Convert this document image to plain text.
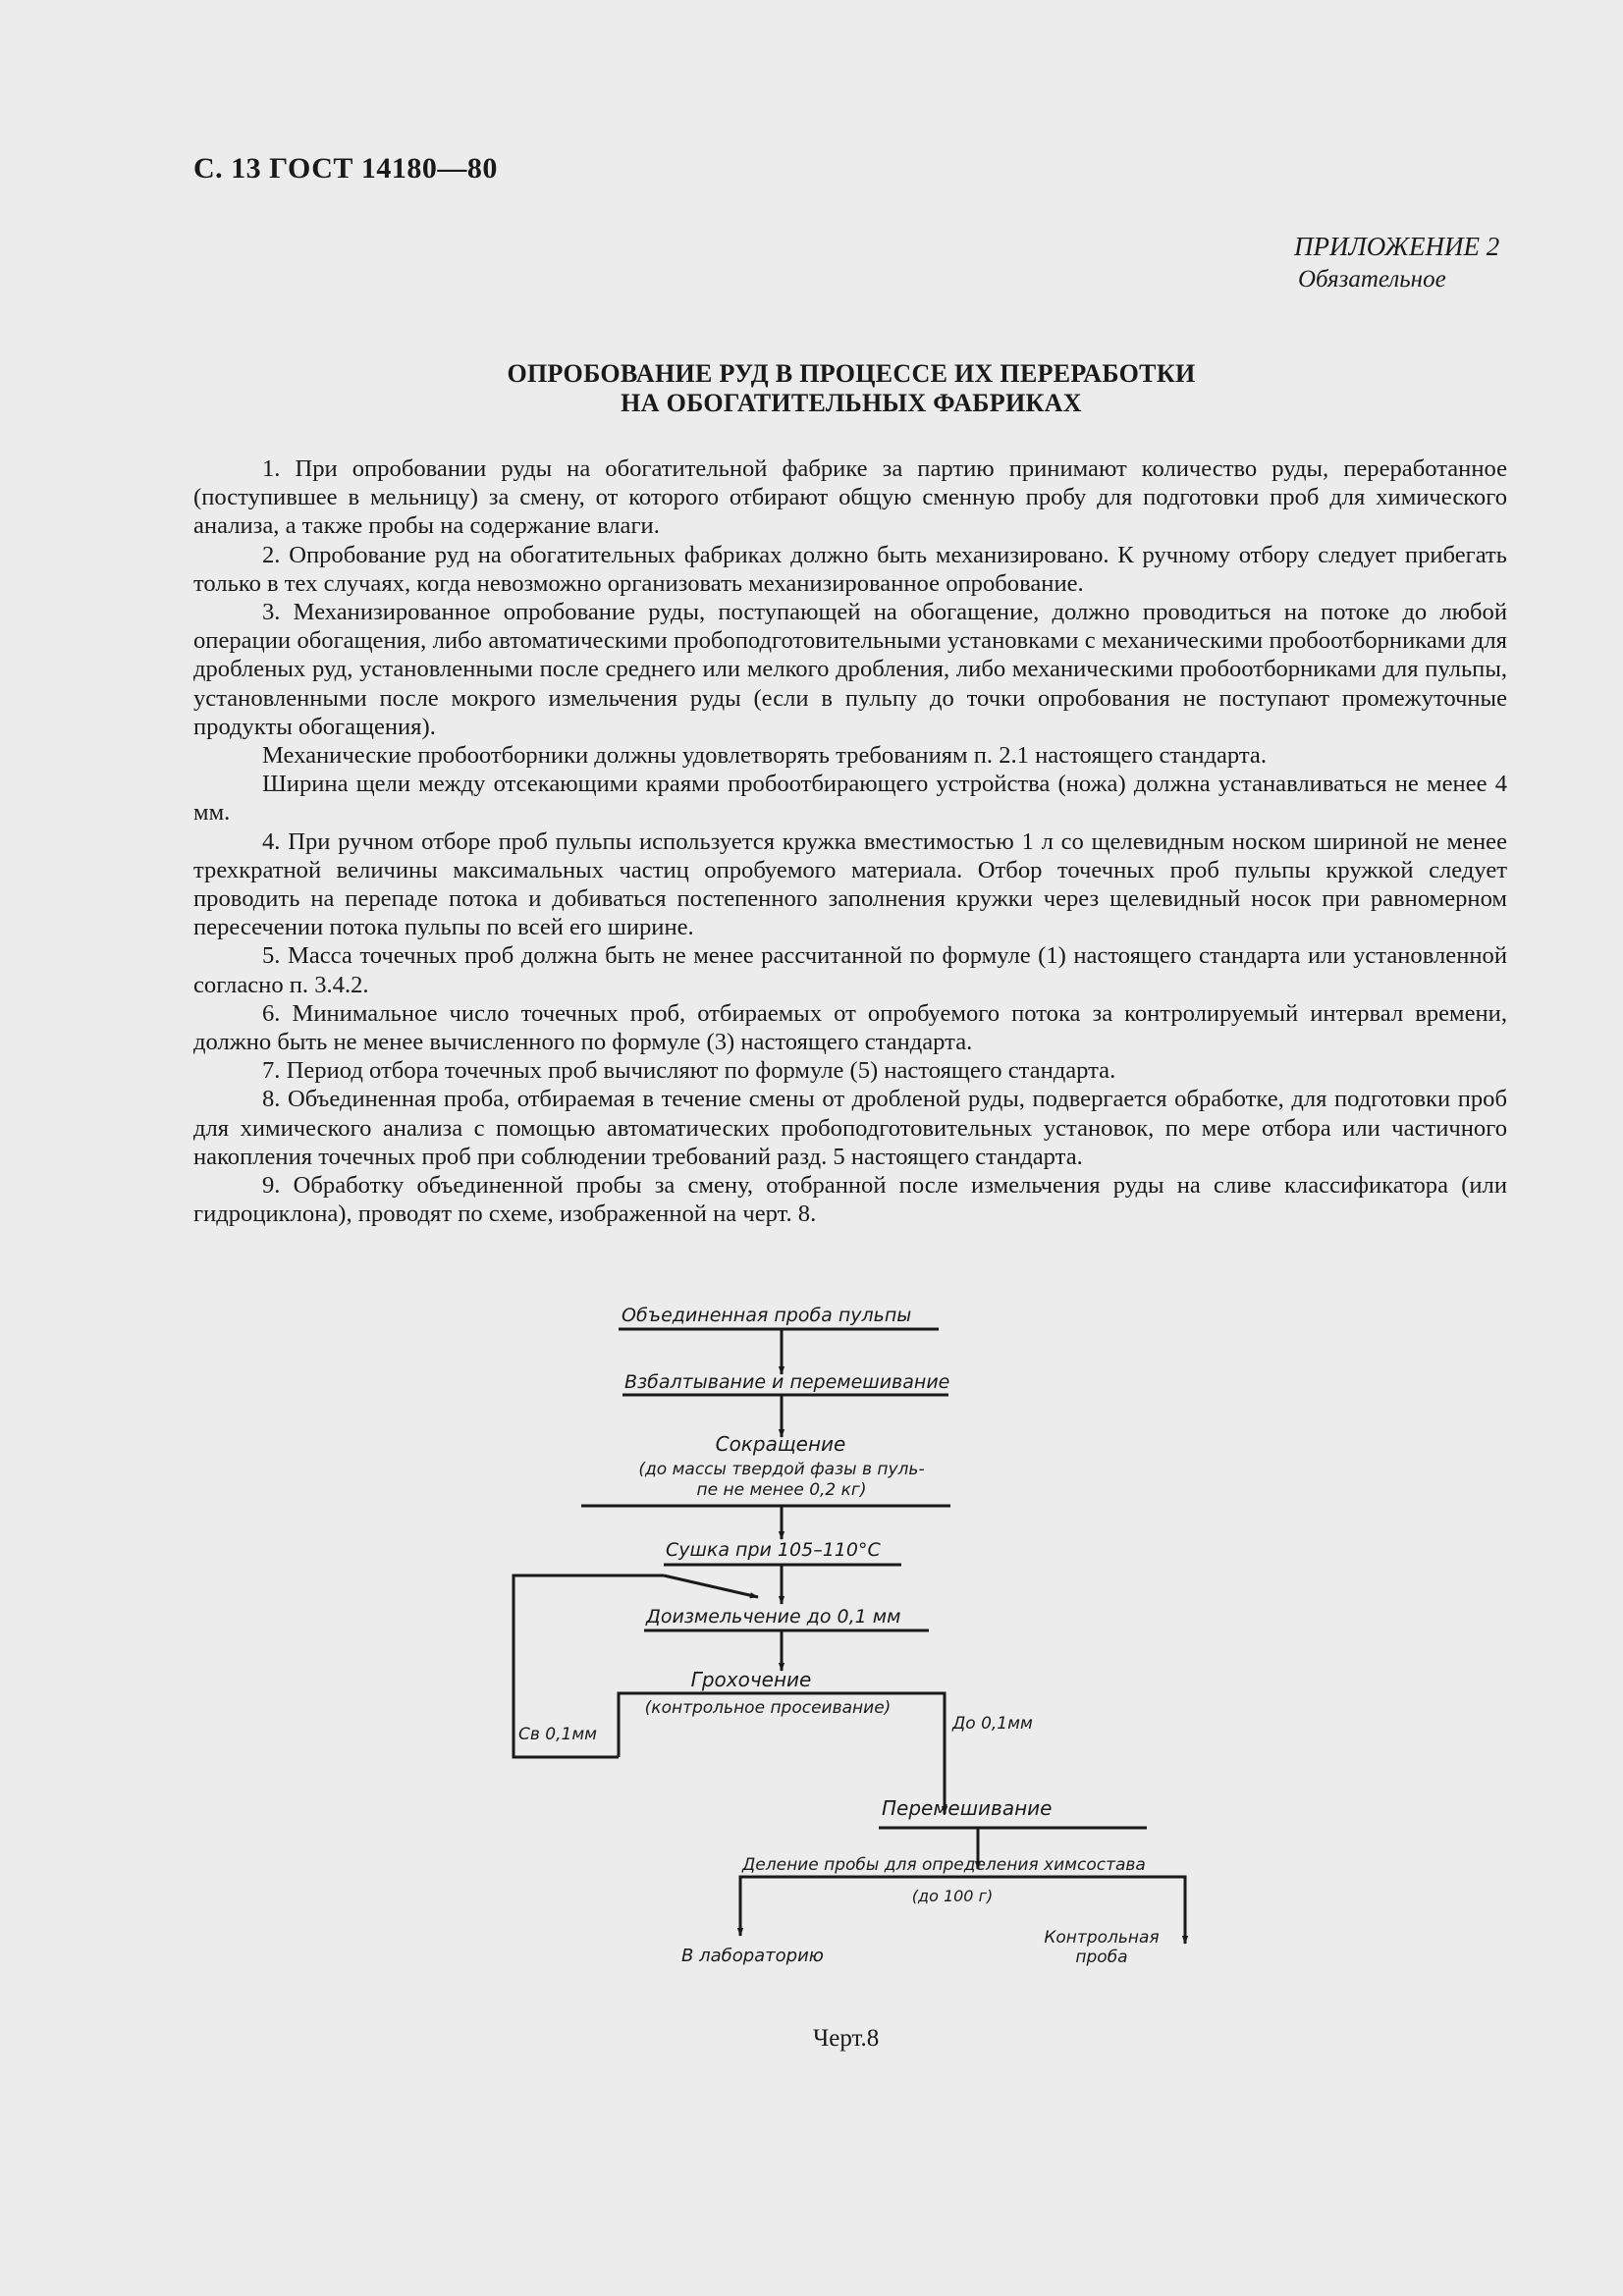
С. 13 ГОСТ 14180—80
ПРИЛОЖЕНИЕ 2
Обязательное
ОПРОБОВАНИЕ РУД В ПРОЦЕССЕ ИХ ПЕРЕРАБОТКИ
НА ОБОГАТИТЕЛЬНЫХ ФАБРИКАХ

1. При опробовании руды на обогатительной фабрике за партию принимают количество руды, переработанное (поступившее в мельницу) за смену, от которого отбирают общую сменную пробу для подготовки проб для химического анализа, а также пробы на содержание влаги.

2. Опробование руд на обогатительных фабриках должно быть механизировано. К ручному отбору следует прибегать только в тех случаях, когда невозможно организовать механизированное опробование.

3. Механизированное опробование руды, поступающей на обогащение, должно проводиться на потоке до любой операции обогащения, либо автоматическими пробоподготовительными установками с механическими пробоотборниками для дробленых руд, установленными после среднего или мелкого дробления, либо механическими пробоотборниками для пульпы, установленными после мокрого измельчения руды (если в пульпу до точки опробования не поступают промежуточные продукты обогащения).

Механические пробоотборники должны удовлетворять требованиям п. 2.1 настоящего стандарта.

Ширина щели между отсекающими краями пробоотбирающего устройства (ножа) должна устанавливаться не менее 4 мм.

4. При ручном отборе проб пульпы используется кружка вместимостью 1 л со щелевидным носком шириной не менее трехкратной величины максимальных частиц опробуемого материала. Отбор точечных проб пульпы кружкой следует проводить на перепаде потока и добиваться постепенного заполнения кружки через щелевидный носок при равномерном пересечении потока пульпы по всей его ширине.

5. Масса точечных проб должна быть не менее рассчитанной по формуле (1) настоящего стандарта или установленной согласно п. 3.4.2.

6. Минимальное число точечных проб, отбираемых от опробуемого потока за контролируемый интервал времени, должно быть не менее вычисленного по формуле (3) настоящего стандарта.

7. Период отбора точечных проб вычисляют по формуле (5) настоящего стандарта.

8. Объединенная проба, отбираемая в течение смены от дробленой руды, подвергается обработке, для подготовки проб для химического анализа с помощью автоматических пробоподготовительных установок, по мере отбора или частичного накопления точечных проб при соблюдении требований разд. 5 настоящего стандарта.

9. Обработку объединенной пробы за смену, отобранной после измельчения руды на сливе классификатора (или гидроциклона), проводят по схеме, изображенной на черт. 8.

Объединенная проба пульпы
Взбалтывание и перемешивание
Сокращение
(до массы твердой фазы в пуль-
пе не менее 0,2 кг)
Сушка при 105–110°С
Доизмельчение до 0,1 мм
Грохочение
(контрольное просеивание)
Св 0,1мм
До 0,1мм
Перемешивание
Деление пробы для определения химсостава
(до 100 г)
В лабораторию
Контрольная
проба
Черт.8
